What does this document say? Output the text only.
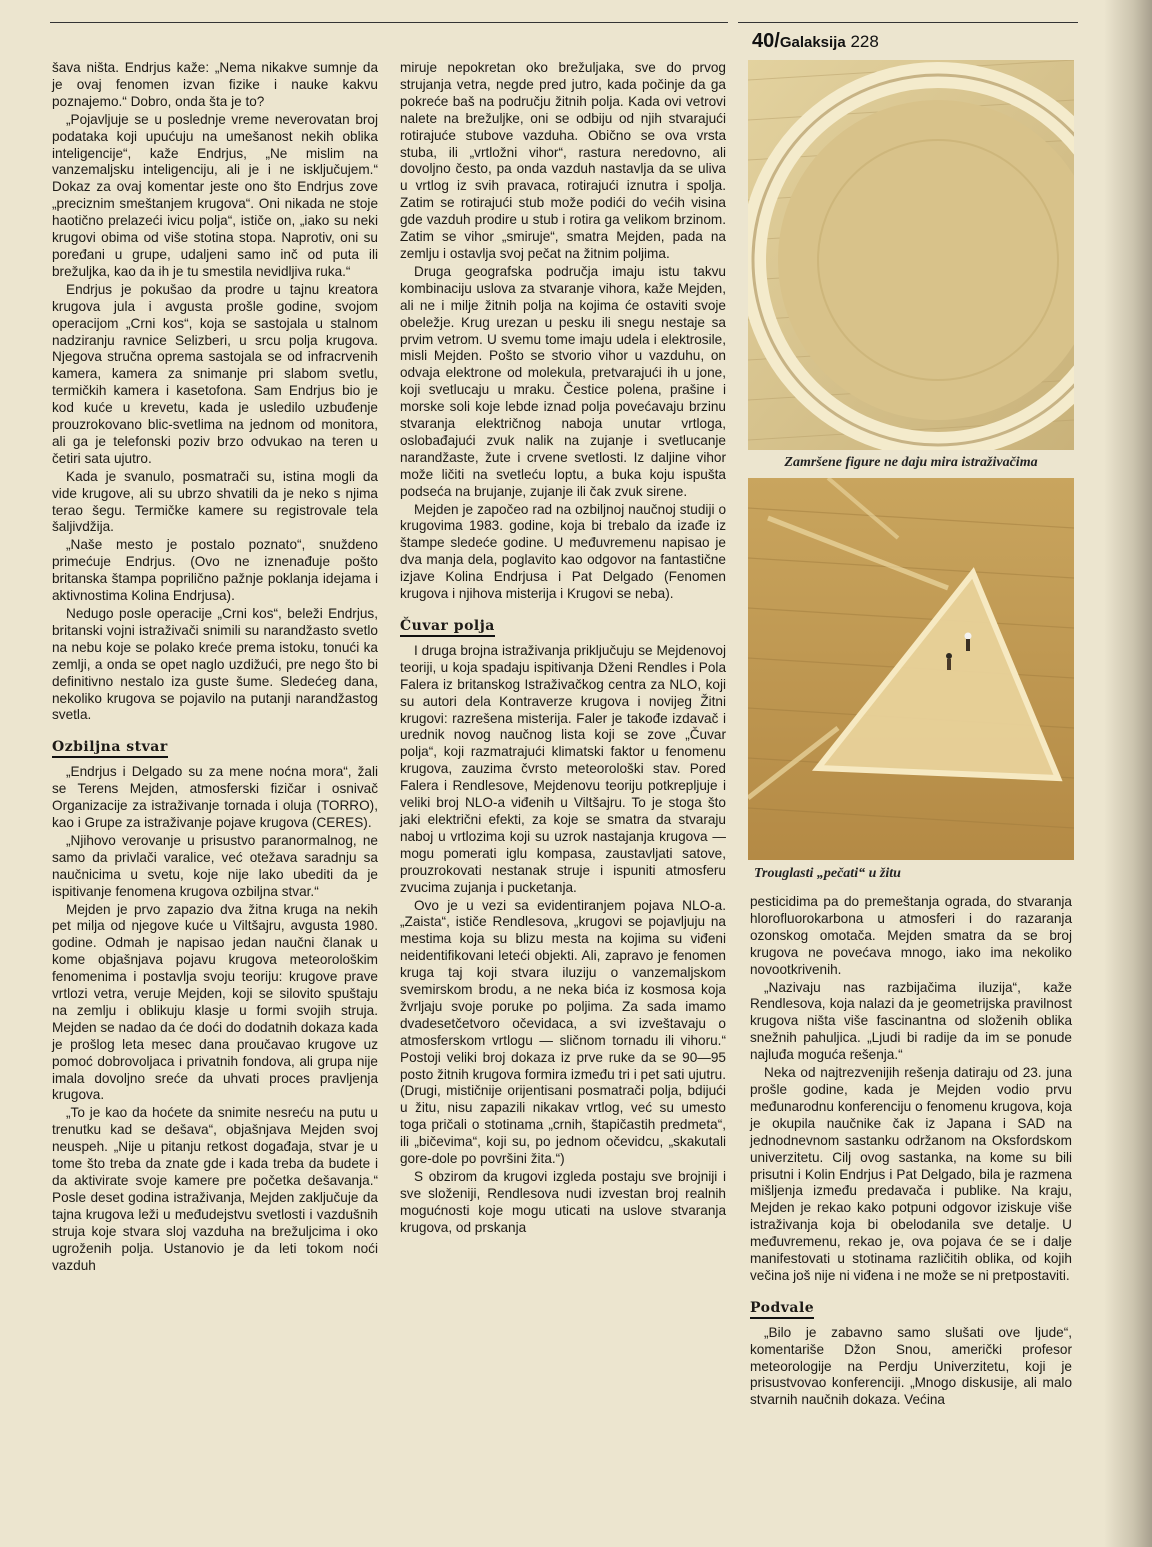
40/Galaksija 228

šava ništa. Endrjus kaže: „Nema nikakve sumnje da je ovaj fenomen izvan fizike i nauke kakvu poznajemo.“ Dobro, onda šta je to?

„Pojavljuje se u poslednje vreme neverovatan broj podataka koji upućuju na umešanost nekih oblika inteligencije“, kaže Endrjus, „Ne mislim na vanzemaljsku inteligenciju, ali je i ne isključujem.“ Dokaz za ovaj komentar jeste ono što Endrjus zove „preciznim smeštanjem krugova“. Oni nikada ne stoje haotično prelazeći ivicu polja“, ističe on, „iako su neki krugovi obima od više stotina stopa. Naprotiv, oni su poređani u grupe, udaljeni samo inč od puta ili brežuljka, kao da ih je tu smestila nevidljiva ruka.“

Endrjus je pokušao da prodre u tajnu kreatora krugova jula i avgusta prošle godine, svojom operacijom „Crni kos“, koja se sastojala u stalnom nadziranju ravnice Selizberi, u srcu polja krugova. Njegova stručna oprema sastojala se od infracrvenih kamera, kamera za snimanje pri slabom svetlu, termičkih kamera i kasetofona. Sam Endrjus bio je kod kuće u krevetu, kada je usledilo uzbuđenje prouzrokovano blic-svetlima na jednom od monitora, ali ga je telefonski poziv brzo odvukao na teren u četiri sata ujutro.

Kada je svanulo, posmatrači su, istina mogli da vide krugove, ali su ubrzo shvatili da je neko s njima terao šegu. Termičke kamere su registrovale tela šaljivdžija.

„Naše mesto je postalo poznato“, snuždeno primećuje Endrjus. (Ovo ne iznenađuje pošto britanska štampa poprilično pažnje poklanja idejama i aktivnostima Kolina Endrjusa).

Nedugo posle operacije „Crni kos“, beleži Endrjus, britanski vojni istraživači snimili su narandžasto svetlo na nebu koje se polako kreće prema istoku, tonući ka zemlji, a onda se opet naglo uzdižući, pre nego što bi definitivno nestalo iza guste šume. Sledećeg dana, nekoliko krugova se pojavilo na putanji narandžastog svetla.

Ozbiljna stvar

„Endrjus i Delgado su za mene noćna mora“, žali se Terens Mejden, atmosferski fizičar i osnivač Organizacije za istraživanje tornada i oluja (TORRO), kao i Grupe za istraživanje pojave krugova (CERES).

„Njihovo verovanje u prisustvo paranormalnog, ne samo da privlači varalice, već otežava saradnju sa naučnicima u svetu, koje nije lako ubediti da je ispitivanje fenomena krugova ozbiljna stvar.“

Mejden je prvo zapazio dva žitna kruga na nekih pet milja od njegove kuće u Viltšajru, avgusta 1980. godine. Odmah je napisao jedan naučni članak u kome objašnjava pojavu krugova meteorološkim fenomenima i postavlja svoju teoriju: krugove prave vrtlozi vetra, veruje Mejden, koji se silovito spuštaju na zemlju i oblikuju klasje u formi svojih struja. Mejden se nadao da će doći do dodatnih dokaza kada je prošlog leta mesec dana proučavao krugove uz pomoć dobrovoljaca i privatnih fondova, ali grupa nije imala dovoljno sreće da uhvati proces pravljenja krugova.

„To je kao da hoćete da snimite nesreću na putu u trenutku kad se dešava“, objašnjava Mejden svoj neuspeh. „Nije u pitanju retkost događaja, stvar je u tome što treba da znate gde i kada treba da budete i da aktivirate svoje kamere pre početka dešavanja.“ Posle deset godina istraživanja, Mejden zaključuje da tajna krugova leži u međudejstvu svetlosti i vazdušnih struja koje stvara sloj vazduha na brežuljcima i oko ugroženih polja. Ustanovio je da leti tokom noći vazduh

miruje nepokretan oko brežuljaka, sve do prvog strujanja vetra, negde pred jutro, kada počinje da ga pokreće baš na području žitnih polja. Kada ovi vetrovi nalete na brežuljke, oni se odbiju od njih stvarajući rotirajuće stubove vazduha. Obično se ova vrsta stuba, ili „vrtložni vihor“, rastura neredovno, ali dovoljno često, pa onda vazduh nastavlja da se uliva u vrtlog iz svih pravaca, rotirajući iznutra i spolja. Zatim se rotirajući stub može podići do većih visina gde vazduh prodire u stub i rotira ga velikom brzinom. Zatim se vihor „smiruje“, smatra Mejden, pada na zemlju i ostavlja svoj pečat na žitnim poljima.

Druga geografska područja imaju istu takvu kombinaciju uslova za stvaranje vihora, kaže Mejden, ali ne i milje žitnih polja na kojima će ostaviti svoje obeležje. Krug urezan u pesku ili snegu nestaje sa prvim vetrom. U svemu tome imaju udela i elektrosile, misli Mejden. Pošto se stvorio vihor u vazduhu, on odvaja elektrone od molekula, pretvarajući ih u jone, koji svetlucaju u mraku. Čestice polena, prašine i morske soli koje lebde iznad polja povećavaju brzinu stvaranja električnog naboja unutar vrtloga, oslobađajući zvuk nalik na zujanje i svetlucanje narandžaste, žute i crvene svetlosti. Iz daljine vihor može ličiti na svetleću loptu, a buka koju ispušta podseća na brujanje, zujanje ili čak zvuk sirene.

Mejden je započeo rad na ozbiljnoj naučnoj studiji o krugovima 1983. godine, koja bi trebalo da izađe iz štampe sledeće godine. U međuvremenu napisao je dva manja dela, poglavito kao odgovor na fantastične izjave Kolina Endrjusa i Pat Delgado (Fenomen krugova i njihova misterija i Krugovi se neba).

Čuvar polja

I druga brojna istraživanja priključuju se Mejdenovoj teoriji, u koja spadaju ispitivanja Dženi Rendles i Pola Falera iz britanskog Istraživačkog centra za NLO, koji su autori dela Kontraverze krugova i novijeg Žitni krugovi: razrešena misterija. Faler je takođe izdavač i urednik novog naučnog lista koji se zove „Čuvar polja“, koji razmatrajući klimatski faktor u fenomenu krugova, zauzima čvrsto meteorološki stav. Pored Falera i Rendlesove, Mejdenovu teoriju potkrepljuje i veliki broj NLO-a viđenih u Viltšajru. To je stoga što jaki električni efekti, za koje se smatra da stvaraju naboj u vrtlozima koji su uzrok nastajanja krugova — mogu pomerati iglu kompasa, zaustavljati satove, prouzrokovati nestanak struje i ispuniti atmosferu zvucima zujanja i pucketanja.

Ovo je u vezi sa evidentiranjem pojava NLO-a. „Zaista“, ističe Rendlesova, „krugovi se pojavljuju na mestima koja su blizu mesta na kojima su viđeni neidentifikovani leteći objekti. Ali, zapravo je fenomen kruga taj koji stvara iluziju o vanzemaljskom svemirskom brodu, a ne neka bića iz kosmosa koja žvrljaju svoje poruke po poljima. Za sada imamo dvadesetčetvoro očevidaca, a svi izveštavaju o atmosferskom vrtlogu — sličnom tornadu ili vihoru.“ Postoji veliki broj dokaza iz prve ruke da se 90—95 posto žitnih krugova formira između tri i pet sati ujutru. (Drugi, mističnije orijentisani posmatrači polja, bdijući u žitu, nisu zapazili nikakav vrtlog, već su umesto toga pričali o stotinama „crnih, štapičastih predmeta“, ili „bičevima“, koji su, po jednom očevidcu, „skakutali gore-dole po površini žita.“)

S obzirom da krugovi izgleda postaju sve brojniji i sve složeniji, Rendlesova nudi izvestan broj realnih mogućnosti koje mogu uticati na uslove stvaranja krugova, od prskanja

Zamršene figure ne daju mira istraživačima
Trouglasti „pečati“ u žitu

pesticidima pa do premeštanja ograda, do stvaranja hlorofluorokarbona u atmosferi i do razaranja ozonskog omotača. Mejden smatra da se broj krugova ne povećava mnogo, iako ima nekoliko novootkrivenih.

„Nazivaju nas razbijačima iluzija“, kaže Rendlesova, koja nalazi da je geometrijska pravilnost krugova ništa više fascinantna od složenih oblika snežnih pahuljica. „Ljudi bi radije da im se ponude najluđa moguća rešenja.“

Neka od najtrezvenijih rešenja datiraju od 23. juna prošle godine, kada je Mejden vodio prvu međunarodnu konferenciju o fenomenu krugova, koja je okupila naučnike čak iz Japana i SAD na jednodnevnom sastanku održanom na Oksfordskom univerzitetu. Cilj ovog sastanka, na kome su bili prisutni i Kolin Endrjus i Pat Delgado, bila je razmena mišljenja između predavača i publike. Na kraju, Mejden je rekao kako potpuni odgovor iziskuje više istraživanja koja bi obelodanila sve detalje. U međuvremenu, rekao je, ova pojava će se i dalje manifestovati u stotinama različitih oblika, od kojih večina još nije ni viđena i ne može se ni pretpostaviti.

Podvale

„Bilo je zabavno samo slušati ove ljude“, komentariše Džon Snou, američki profesor meteorologije na Perdju Univerzitetu, koji je prisustvovao konferenciji. „Mnogo diskusije, ali malo stvarnih naučnih dokaza. Većina
